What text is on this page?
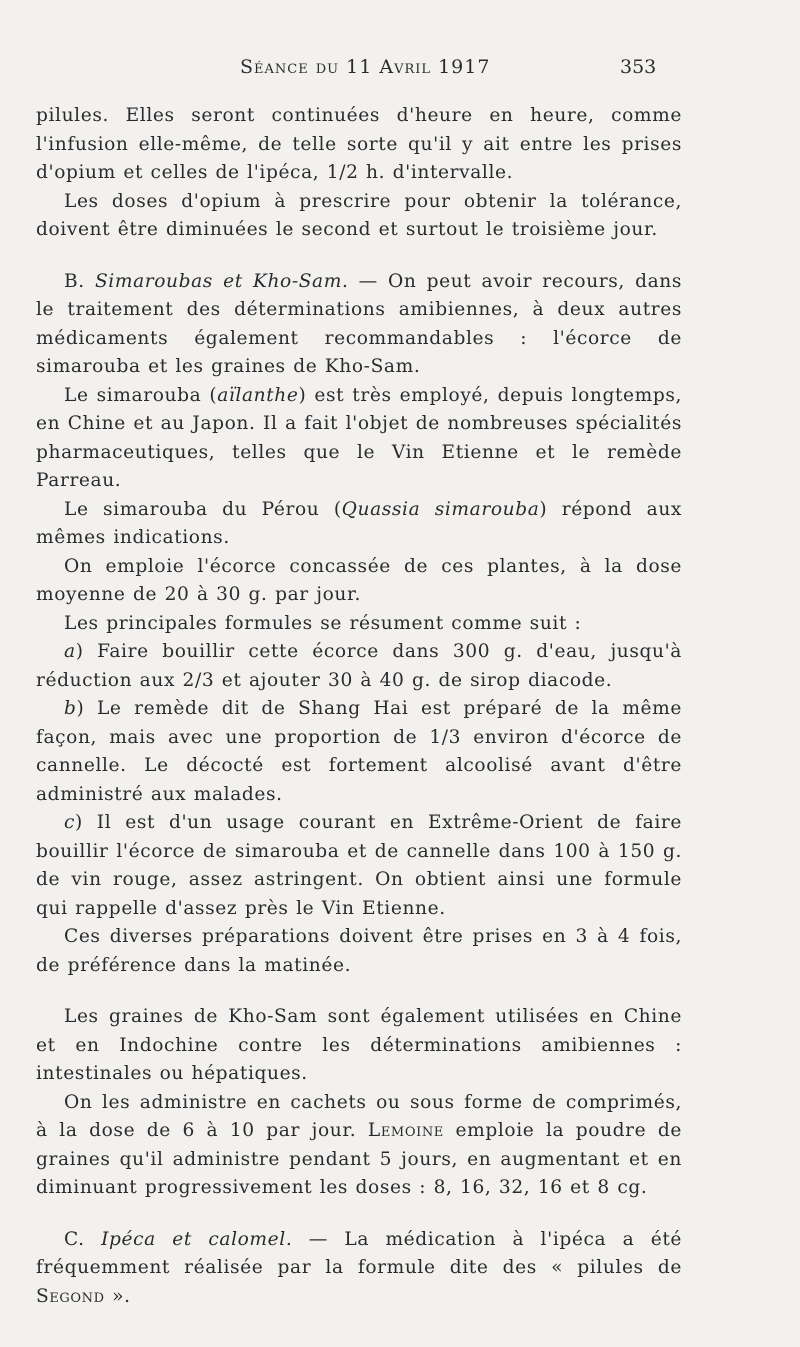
Séance du 11 Avril 1917	353

pilules. Elles seront continuées d'heure en heure, comme l'infusion elle-même, de telle sorte qu'il y ait entre les prises d'opium et celles de l'ipéca, 1/2 h. d'intervalle.

Les doses d'opium à prescrire pour obtenir la tolérance, doivent être diminuées le second et surtout le troisième jour.

B. Simaroubas et Kho-Sam. — On peut avoir recours, dans le traitement des déterminations amibiennes, à deux autres médicaments également recommandables : l'écorce de simarouba et les graines de Kho-Sam.

Le simarouba (aïlanthe) est très employé, depuis longtemps, en Chine et au Japon. Il a fait l'objet de nombreuses spécialités pharmaceutiques, telles que le Vin Etienne et le remède Parreau.

Le simarouba du Pérou (Quassia simarouba) répond aux mêmes indications.

On emploie l'écorce concassée de ces plantes, à la dose moyenne de 20 à 30 g. par jour.

Les principales formules se résument comme suit :

a) Faire bouillir cette écorce dans 300 g. d'eau, jusqu'à réduction aux 2/3 et ajouter 30 à 40 g. de sirop diacode.

b) Le remède dit de Shang Hai est préparé de la même façon, mais avec une proportion de 1/3 environ d'écorce de cannelle. Le décocté est fortement alcoolisé avant d'être administré aux malades.

c) Il est d'un usage courant en Extrême-Orient de faire bouillir l'écorce de simarouba et de cannelle dans 100 à 150 g. de vin rouge, assez astringent. On obtient ainsi une formule qui rappelle d'assez près le Vin Etienne.

Ces diverses préparations doivent être prises en 3 à 4 fois, de préférence dans la matinée.

Les graines de Kho-Sam sont également utilisées en Chine et en Indochine contre les déterminations amibiennes : intestinales ou hépatiques.

On les administre en cachets ou sous forme de comprimés, à la dose de 6 à 10 par jour. Lemoine emploie la poudre de graines qu'il administre pendant 5 jours, en augmentant et en diminuant progressivement les doses : 8, 16, 32, 16 et 8 cg.

C. Ipéca et calomel. — La médication à l'ipéca a été fréquemment réalisée par la formule dite des « pilules de Segond ».
